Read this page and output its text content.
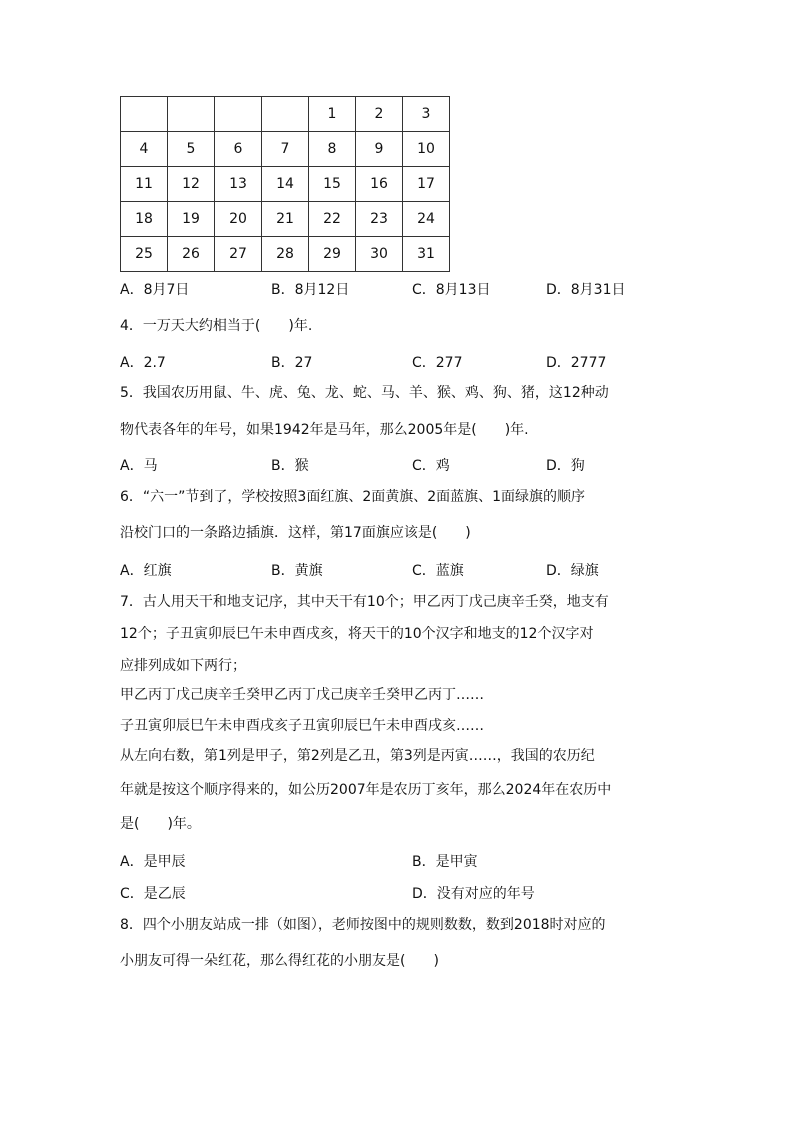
				1	2	3
4	5	6	7	8	9	10
11	12	13	14	15	16	17
18	19	20	21	22	23	24
25	26	27	28	29	30	31
A．8月7日	B．8月12日	C．8月13日	D．8月31日
4．一万天大约相当于(　　)年.
A．2.7	B．27	C．277	D．2777
5．我国农历用鼠、牛、虎、兔、龙、蛇、马、羊、猴、鸡、狗、猪，这12种动
物代表各年的年号，如果1942年是马年，那么2005年是(　　)年.
A．马	B．猴	C．鸡	D．狗
6．“六一”节到了，学校按照3面红旗、2面黄旗、2面蓝旗、1面绿旗的顺序
沿校门口的一条路边插旗．这样，第17面旗应该是(　　)
A．红旗	B．黄旗	C．蓝旗	D．绿旗
7．古人用天干和地支记序，其中天干有10个；甲乙丙丁戊己庚辛壬癸，地支有
12个；子丑寅卯辰巳午未申酉戌亥，将天干的10个汉字和地支的12个汉字对
应排列成如下两行；
甲乙丙丁戊己庚辛壬癸甲乙丙丁戊己庚辛壬癸甲乙丙丁……
子丑寅卯辰巳午未申酉戌亥子丑寅卯辰巳午未申酉戌亥……
从左向右数，第1列是甲子，第2列是乙丑，第3列是丙寅……，我国的农历纪
年就是按这个顺序得来的，如公历2007年是农历丁亥年，那么2024年在农历中
是(　　)年。
A．是甲辰	B．是甲寅
C．是乙辰	D．没有对应的年号
8．四个小朋友站成一排（如图），老师按图中的规则数数，数到2018时对应的
小朋友可得一朵红花，那么得红花的小朋友是(　　)
